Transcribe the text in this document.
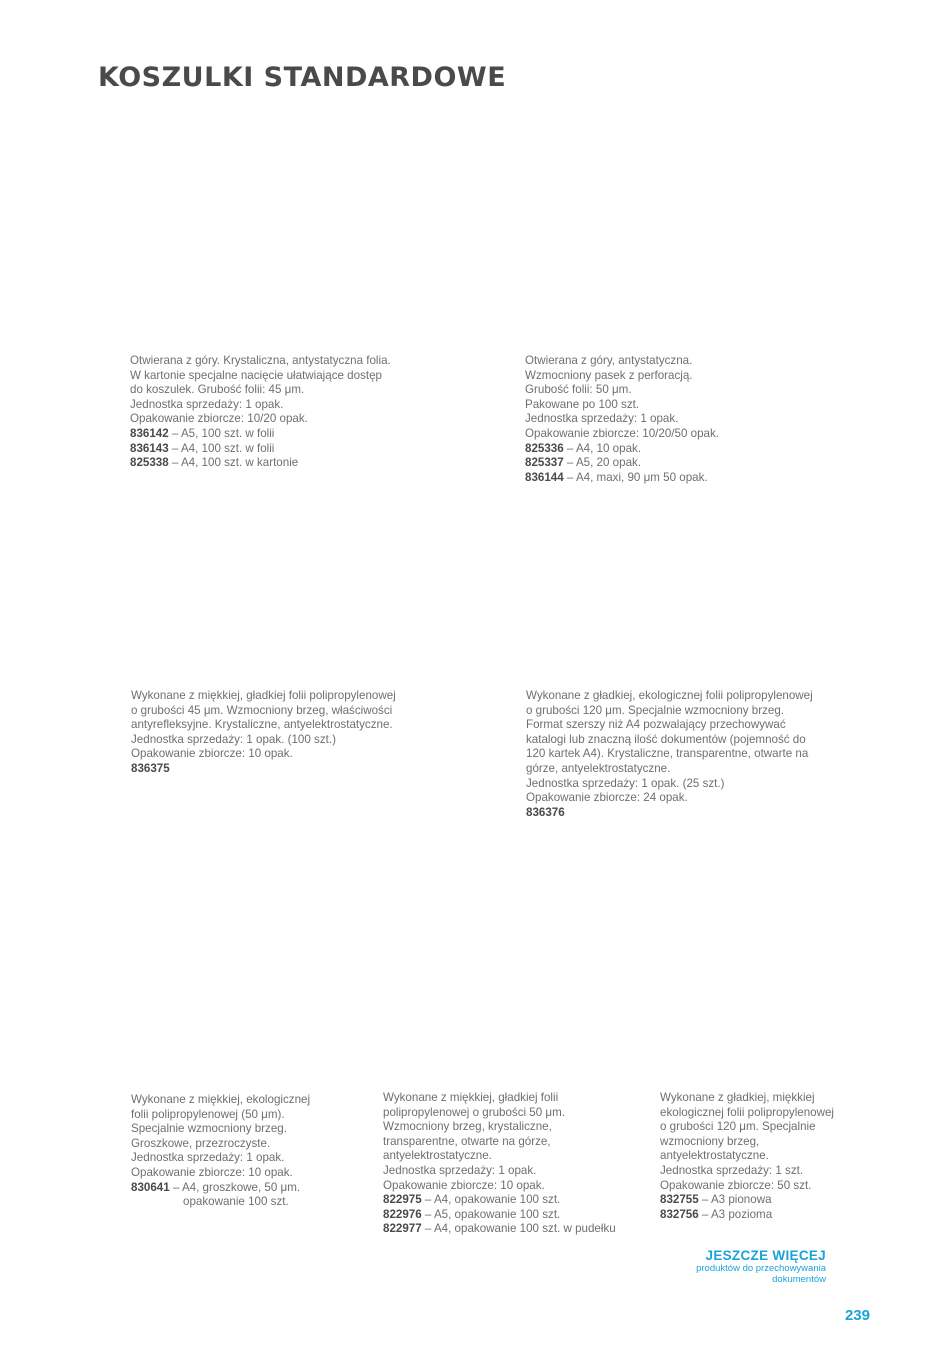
KOSZULKI STANDARDOWE
Otwierana z góry. Krystaliczna, antystatyczna folia.
W kartonie specjalne nacięcie ułatwiające dostęp
do koszulek. Grubość folii: 45 μm.
Jednostka sprzedaży: 1 opak.
Opakowanie zbiorcze: 10/20 opak.
836142 – A5, 100 szt. w folii
836143 – A4, 100 szt. w folii
825338 – A4, 100 szt. w kartonie
Otwierana z góry, antystatyczna.
Wzmocniony pasek z perforacją.
Grubość folii: 50 μm.
Pakowane po 100 szt.
Jednostka sprzedaży: 1 opak.
Opakowanie zbiorcze: 10/20/50 opak.
825336 – A4, 10 opak.
825337 – A5, 20 opak.
836144 – A4, maxi, 90 μm 50 opak.
Wykonane z miękkiej, gładkiej folii polipropylenowej
o grubości 45 μm. Wzmocniony brzeg, właściwości
antyrefleksyjne. Krystaliczne, antyelektrostatyczne.
Jednostka sprzedaży: 1 opak. (100 szt.)
Opakowanie zbiorcze: 10 opak.
836375
Wykonane z gładkiej, ekologicznej folii polipropylenowej
o grubości 120 μm. Specjalnie wzmocniony brzeg.
Format szerszy niż A4 pozwalający przechowywać
katalogi lub znaczną ilość dokumentów (pojemność do
120 kartek A4). Krystaliczne, transparentne, otwarte na
górze, antyelektrostatyczne.
Jednostka sprzedaży: 1 opak. (25 szt.)
Opakowanie zbiorcze: 24 opak.
836376
Wykonane z miękkiej, ekologicznej
folii polipropylenowej (50 μm).
Specjalnie wzmocniony brzeg.
Groszkowe, przezroczyste.
Jednostka sprzedaży: 1 opak.
Opakowanie zbiorcze: 10 opak.
830641 – A4, groszkowe, 50 μm.
opakowanie 100 szt.
Wykonane z miękkiej, gładkiej folii
polipropylenowej o grubości 50 μm.
Wzmocniony brzeg, krystaliczne,
transparentne, otwarte na górze,
antyelektrostatyczne.
Jednostka sprzedaży: 1 opak.
Opakowanie zbiorcze: 10 opak.
822975 – A4, opakowanie 100 szt.
822976 – A5, opakowanie 100 szt.
822977 – A4, opakowanie 100 szt. w pudełku
Wykonane z gładkiej, miękkiej
ekologicznej folii polipropylenowej
o grubości 120 μm. Specjalnie
wzmocniony brzeg,
antyelektrostatyczne.
Jednostka sprzedaży: 1 szt.
Opakowanie zbiorcze: 50 szt.
832755 – A3 pionowa
832756 – A3 pozioma
JESZCZE WIĘCEJ
produktów do przechowywania
dokumentów
239
